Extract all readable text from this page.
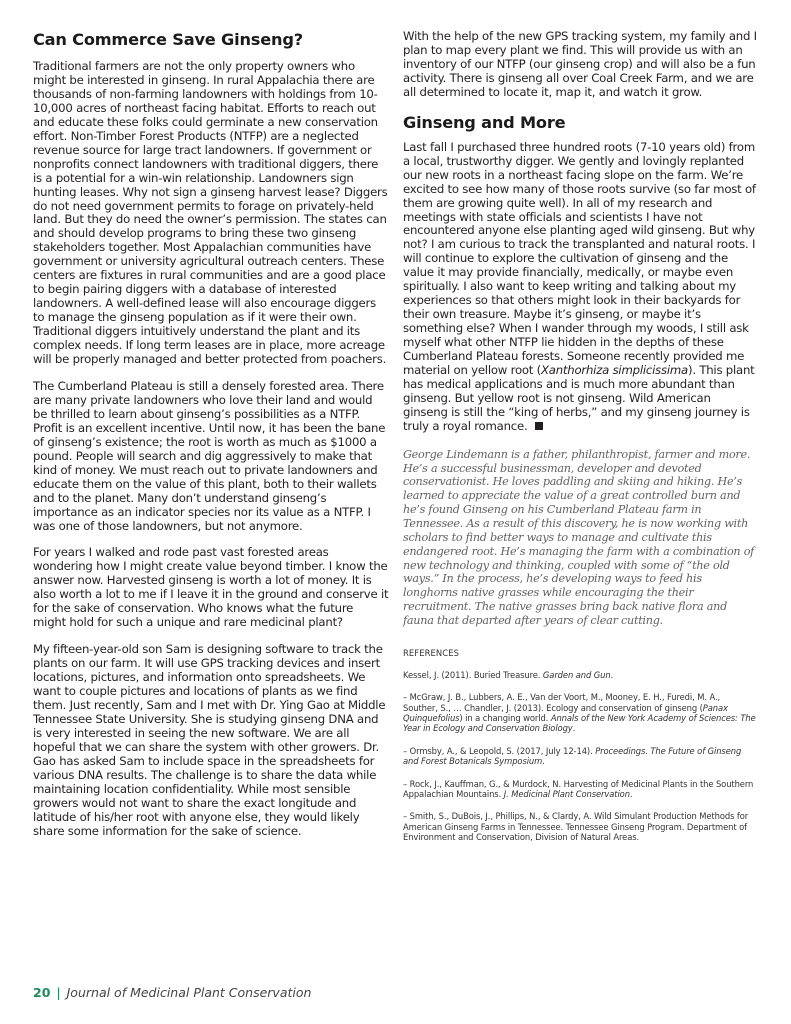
Can Commerce Save Ginseng?

Traditional farmers are not the only property owners who might be interested in ginseng. In rural Appalachia there are thousands of non-farming landowners with holdings from 10-10,000 acres of northeast facing habitat. Efforts to reach out and educate these folks could germinate a new conservation effort. Non-Timber Forest Products (NTFP) are a neglected revenue source for large tract landowners. If government or nonprofits connect landowners with traditional diggers, there is a potential for a win-win relationship. Landowners sign hunting leases. Why not sign a ginseng harvest lease? Diggers do not need government permits to forage on privately-held land. But they do need the owner’s permission. The states can and should develop programs to bring these two ginseng stakeholders together. Most Appalachian communities have government or university agricultural outreach centers. These centers are fixtures in rural communities and are a good place to begin pairing diggers with a database of interested landowners. A well-defined lease will also encourage diggers to manage the ginseng population as if it were their own. Traditional diggers intuitively understand the plant and its complex needs. If long term leases are in place, more acreage will be properly managed and better protected from poachers.

The Cumberland Plateau is still a densely forested area. There are many private landowners who love their land and would be thrilled to learn about ginseng’s possibilities as a NTFP. Profit is an excellent incentive. Until now, it has been the bane of ginseng’s existence; the root is worth as much as $1000 a pound. People will search and dig aggressively to make that kind of money. We must reach out to private landowners and educate them on the value of this plant, both to their wallets and to the planet. Many don’t understand ginseng’s importance as an indicator species nor its value as a NTFP. I was one of those landowners, but not anymore.

For years I walked and rode past vast forested areas wondering how I might create value beyond timber. I know the answer now. Harvested ginseng is worth a lot of money. It is also worth a lot to me if I leave it in the ground and conserve it for the sake of conservation. Who knows what the future might hold for such a unique and rare medicinal plant?

My fifteen-year-old son Sam is designing software to track the plants on our farm. It will use GPS tracking devices and insert locations, pictures, and information onto spreadsheets. We want to couple pictures and locations of plants as we find them. Just recently, Sam and I met with Dr. Ying Gao at Middle Tennessee State University. She is studying ginseng DNA and is very interested in seeing the new software. We are all hopeful that we can share the system with other growers. Dr. Gao has asked Sam to include space in the spreadsheets for various DNA results. The challenge is to share the data while maintaining location confidentiality. While most sensible growers would not want to share the exact longitude and latitude of his/her root with anyone else, they would likely share some information for the sake of science.

With the help of the new GPS tracking system, my family and I plan to map every plant we find. This will provide us with an inventory of our NTFP (our ginseng crop) and will also be a fun activity. There is ginseng all over Coal Creek Farm, and we are all determined to locate it, map it, and watch it grow.

Ginseng and More

Last fall I purchased three hundred roots (7-10 years old) from a local, trustworthy digger. We gently and lovingly replanted our new roots in a northeast facing slope on the farm. We’re excited to see how many of those roots survive (so far most of them are growing quite well). In all of my research and meetings with state officials and scientists I have not encountered anyone else planting aged wild ginseng. But why not? I am curious to track the transplanted and natural roots. I will continue to explore the cultivation of ginseng and the value it may provide financially, medically, or maybe even spiritually. I also want to keep writing and talking about my experiences so that others might look in their backyards for their own treasure. Maybe it’s ginseng, or maybe it’s something else? When I wander through my woods, I still ask myself what other NTFP lie hidden in the depths of these Cumberland Plateau forests. Someone recently provided me material on yellow root (Xanthorhiza simplicissima). This plant has medical applications and is much more abundant than ginseng. But yellow root is not ginseng. Wild American ginseng is still the “king of herbs,” and my ginseng journey is truly a royal romance.

George Lindemann is a father, philanthropist, farmer and more. He’s a successful businessman, developer and devoted conservationist. He loves paddling and skiing and hiking. He’s learned to appreciate the value of a great controlled burn and he’s found Ginseng on his Cumberland Plateau farm in Tennessee. As a result of this discovery, he is now working with scholars to find better ways to manage and cultivate this endangered root. He’s managing the farm with a combination of new technology and thinking, coupled with some of “the old ways.” In the process, he’s developing ways to feed his longhorns native grasses while encouraging the their recruitment. The native grasses bring back native flora and fauna that departed after years of clear cutting.

REFERENCES

Kessel, J. (2011). Buried Treasure. Garden and Gun.

– McGraw, J. B., Lubbers, A. E., Van der Voort, M., Mooney, E. H., Furedi, M. A., Souther, S., … Chandler, J. (2013). Ecology and conservation of ginseng (Panax Quinquefolius) in a changing world. Annals of the New York Academy of Sciences: The Year in Ecology and Conservation Biology.

– Ormsby, A., & Leopold, S. (2017, July 12-14). Proceedings. The Future of Ginseng and Forest Botanicals Symposium.

– Rock, J., Kauffman, G., & Murdock, N. Harvesting of Medicinal Plants in the Southern Appalachian Mountains. J. Medicinal Plant Conservation.

– Smith, S., DuBois, J., Phillips, N., & Clardy, A. Wild Simulant Production Methods for American Ginseng Farms in Tennessee. Tennessee Ginseng Program. Department of Environment and Conservation, Division of Natural Areas.

20 | Journal of Medicinal Plant Conservation
